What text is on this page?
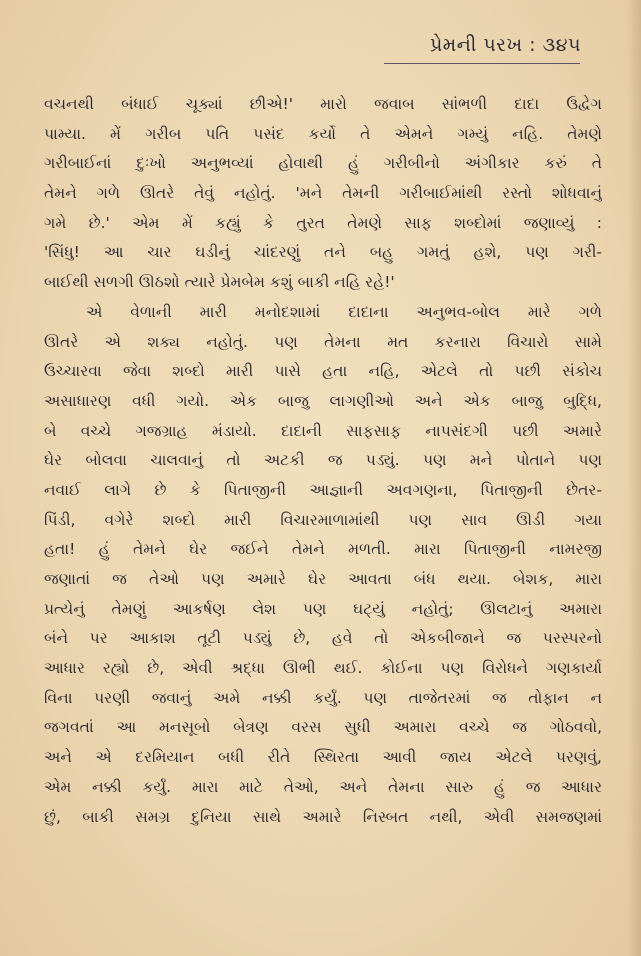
પ્રેમની પરખ : ૩૪૫
વચનથી બંધાઈ ચૂક્યાં છીએ!' મારો જવાબ સાંભળી દાદા ઉદ્વેગ
પામ્યા. મેં ગરીબ પતિ પસંદ કર્યો તે એમને ગમ્યું નહિ. તેમણે
ગરીબાઈનાં દુઃખો અનુભવ્યાં હોવાથી હું ગરીબીનો અંગીકાર કરું તે
તેમને ગળે ઊતરે તેવું નહોતું. 'મને તેમની ગરીબાઈમાંથી રસ્તો શોધવાનું
ગમે છે.' એમ મેં કહ્યું કે તુરત તેમણે સાફ શબ્દોમાં જણાવ્યું :
'સિંધુ! આ ચાર ઘડીનું ચાંદરણું તને બહુ ગમતું હશે, પણ ગરી-
બાઈથી સળગી ઊઠશો ત્યારે પ્રેમબેમ કશું બાકી નહિ રહે!'
એ વેળાની મારી મનોદશામાં દાદાના અનુભવ-બોલ મારે ગળે
ઊતરે એ શક્ય નહોતું. પણ તેમના મત કરનારા વિચારો સામે
ઉચ્ચારવા જેવા શબ્દો મારી પાસે હતા નહિ, એટલે તો પછી સંકોચ
અસાધારણ વધી ગયો. એક બાજુ લાગણીઓ અને એક બાજુ બુદ્ધિ,
બે વચ્ચે ગજગ્રાહ મંડાયો. દાદાની સાફસાફ નાપસંદગી પછી અમારે
ઘેર બોલવા ચાલવાનું તો અટકી જ પડ્યું. પણ મને પોતાને પણ
નવાઈ લાગે છે કે પિતાજીની આજ્ઞાની અવગણના, પિતાજીની છેતર-
પિંડી, વગેરે શબ્દો મારી વિચારમાળામાંથી પણ સાવ ઊડી ગયા
હતા! હું તેમને ઘેર જઈને તેમને મળતી. મારા પિતાજીની નામરજી
જણાતાં જ તેઓ પણ અમારે ઘેર આવતા બંધ થયા. બેશક, મારા
પ્રત્યેનું તેમણું આકર્ષણ લેશ પણ ઘટ્યું નહોતું; ઊલટાનું અમારા
બંને પર આકાશ તૂટી પડ્યું છે, હવે તો એકબીજાને જ પરસ્પરનો
આધાર રહ્યો છે, એવી શ્રદ્ધા ઊભી થઈ. કોઈના પણ વિરોધને ગણકાર્યા
વિના પરણી જવાનું અમે નક્કી કર્યું. પણ તાજેતરમાં જ તોફાન ન
જગવતાં આ મનસૂબો બેત્રણ વરસ સુધી અમારા વચ્ચે જ ગોઠવવો,
અને એ દરમિયાન બધી રીતે સ્થિરતા આવી જાય એટલે પરણવું,
એમ નક્કી કર્યું. મારા માટે તેઓ, અને તેમના સારુ હું જ આધાર
છું, બાકી સમગ્ર દુનિયા સાથે અમારે નિસ્બત નથી, એવી સમજણમાં
